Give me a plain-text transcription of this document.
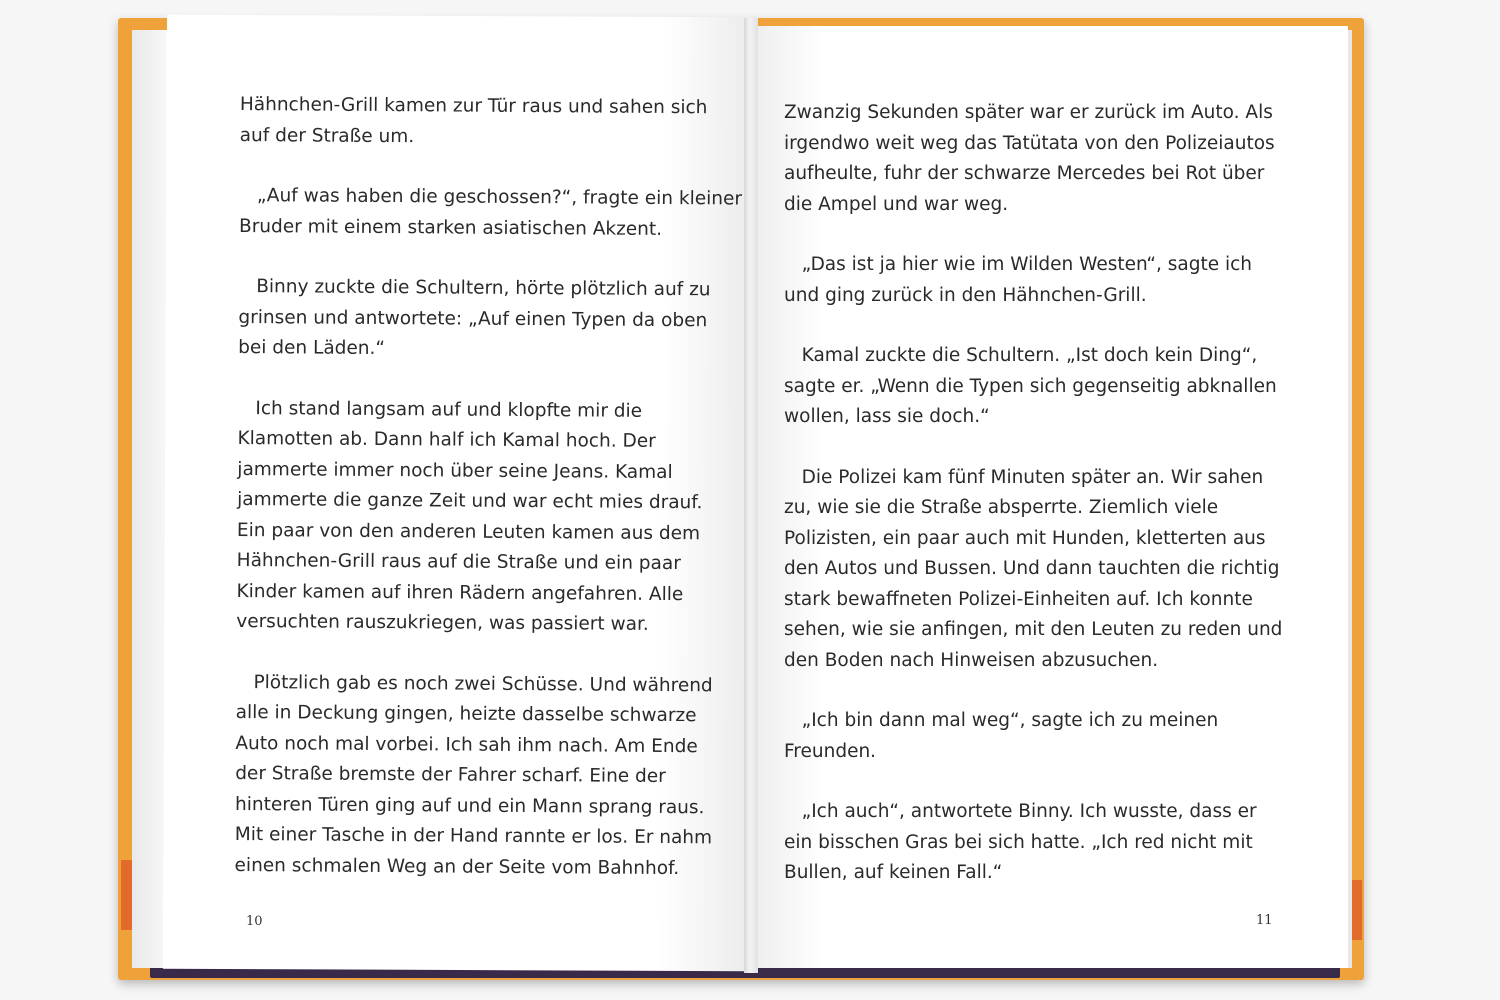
Hähnchen-Grill kamen zur Tür raus und sahen sich
auf der Straße um.

„Auf was haben die geschossen?“, fragte ein kleiner
Bruder mit einem starken asiatischen Akzent.

Binny zuckte die Schultern, hörte plötzlich auf zu
grinsen und antwortete: „Auf einen Typen da oben
bei den Läden.“

Ich stand langsam auf und klopfte mir die
Klamotten ab. Dann half ich Kamal hoch. Der
jammerte immer noch über seine Jeans. Kamal
jammerte die ganze Zeit und war echt mies drauf.
Ein paar von den anderen Leuten kamen aus dem
Hähnchen-Grill raus auf die Straße und ein paar
Kinder kamen auf ihren Rädern angefahren. Alle
versuchten rauszukriegen, was passiert war.

Plötzlich gab es noch zwei Schüsse. Und während
alle in Deckung gingen, heizte dasselbe schwarze
Auto noch mal vorbei. Ich sah ihm nach. Am Ende
der Straße bremste der Fahrer scharf. Eine der
hinteren Türen ging auf und ein Mann sprang raus.
Mit einer Tasche in der Hand rannte er los. Er nahm
einen schmalen Weg an der Seite vom Bahnhof.

Zwanzig Sekunden später war er zurück im Auto. Als
irgendwo weit weg das Tatütata von den Polizeiautos
aufheulte, fuhr der schwarze Mercedes bei Rot über
die Ampel und war weg.

„Das ist ja hier wie im Wilden Westen“, sagte ich
und ging zurück in den Hähnchen-Grill.

Kamal zuckte die Schultern. „Ist doch kein Ding“,
sagte er. „Wenn die Typen sich gegenseitig abknallen
wollen, lass sie doch.“

Die Polizei kam fünf Minuten später an. Wir sahen
zu, wie sie die Straße absperrte. Ziemlich viele
Polizisten, ein paar auch mit Hunden, kletterten aus
den Autos und Bussen. Und dann tauchten die richtig
stark bewaffneten Polizei-Einheiten auf. Ich konnte
sehen, wie sie anfingen, mit den Leuten zu reden und
den Boden nach Hinweisen abzusuchen.

„Ich bin dann mal weg“, sagte ich zu meinen
Freunden.

„Ich auch“, antwortete Binny. Ich wusste, dass er
ein bisschen Gras bei sich hatte. „Ich red nicht mit
Bullen, auf keinen Fall.“

10	11
